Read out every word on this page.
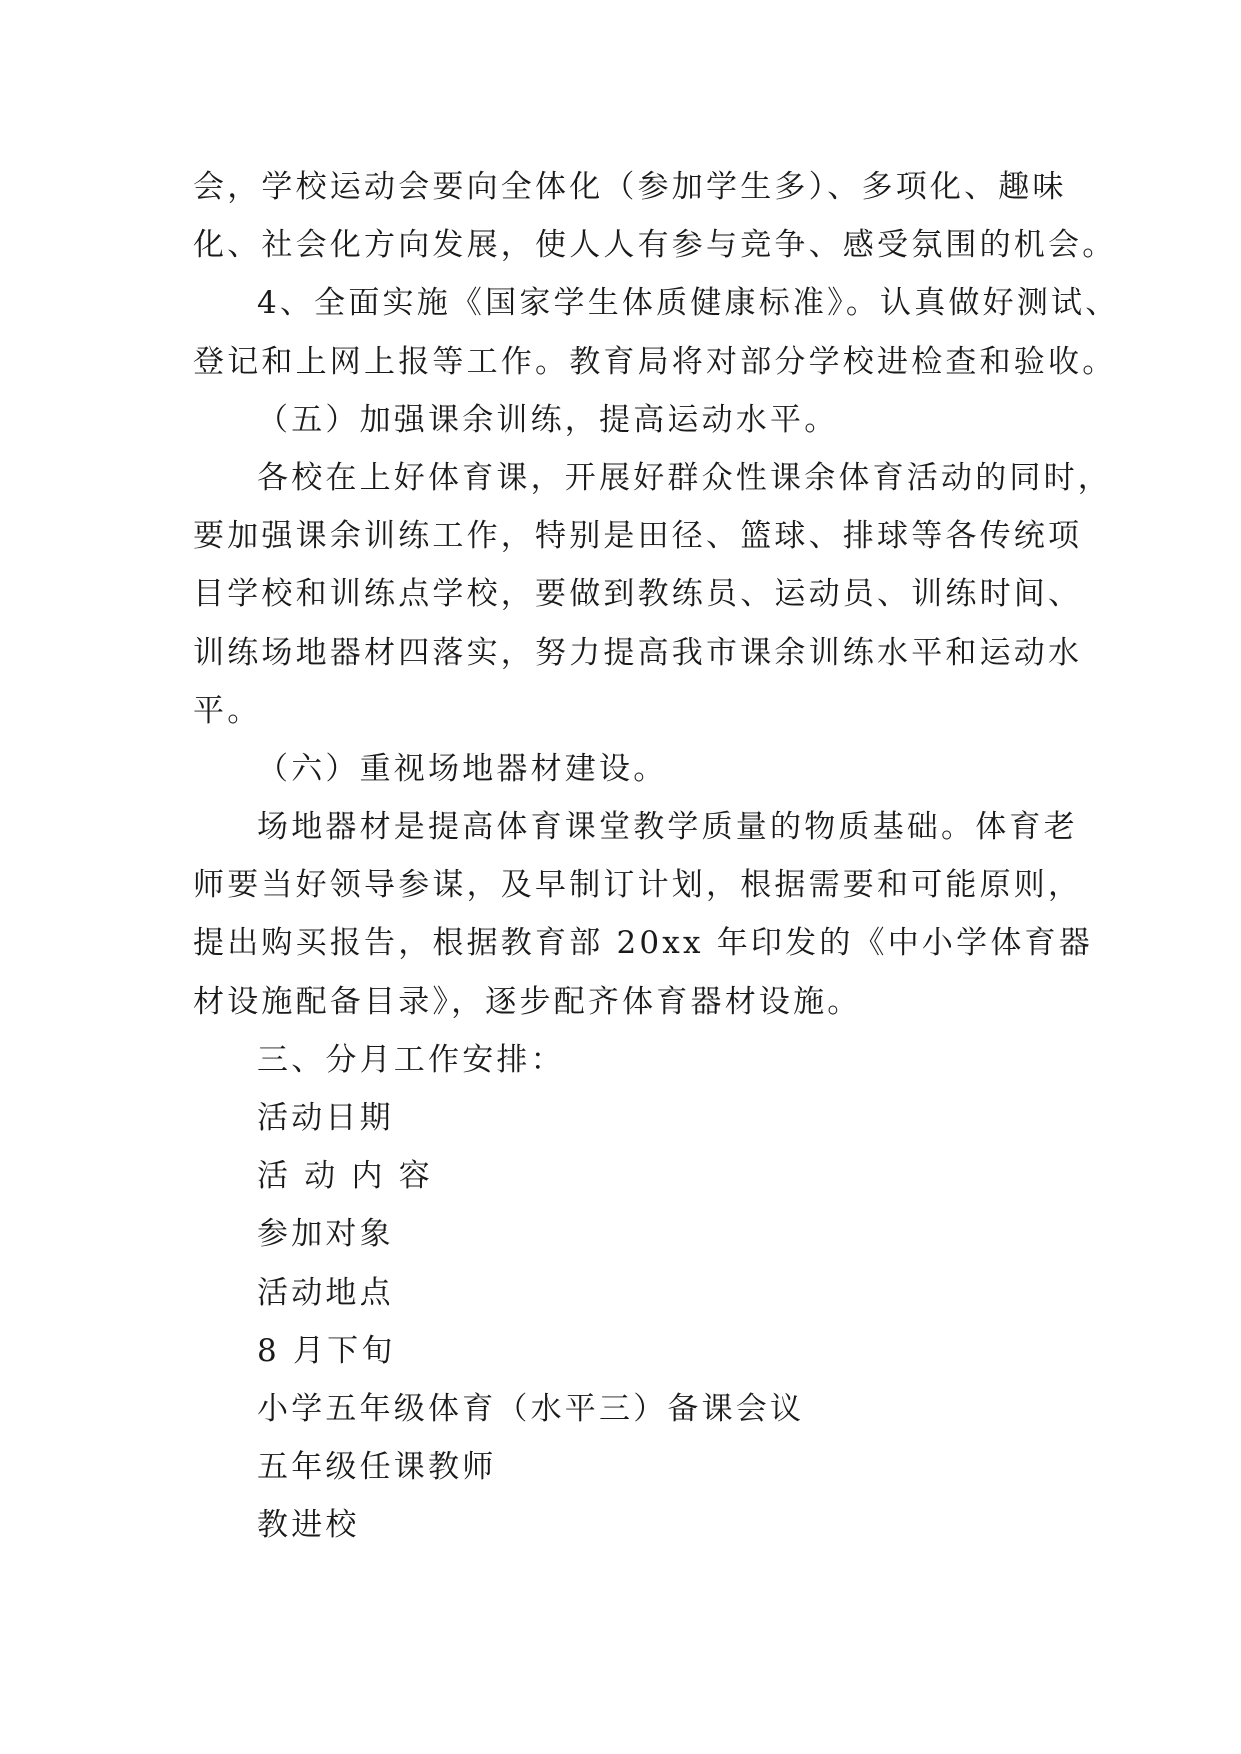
会，学校运动会要向全体化（参加学生多）、多项化、趣味
化、社会化方向发展，使人人有参与竞争、感受氛围的机会。
4、全面实施《国家学生体质健康标准》。认真做好测试、
登记和上网上报等工作。教育局将对部分学校进检查和验收。
（五）加强课余训练，提高运动水平。
各校在上好体育课，开展好群众性课余体育活动的同时，
要加强课余训练工作，特别是田径、篮球、排球等各传统项
目学校和训练点学校，要做到教练员、运动员、训练时间、
训练场地器材四落实，努力提高我市课余训练水平和运动水
平。
（六）重视场地器材建设。
场地器材是提高体育课堂教学质量的物质基础。体育老
师要当好领导参谋，及早制订计划，根据需要和可能原则，
提出购买报告，根据教育部 20xx 年印发的《中小学体育器
材设施配备目录》，逐步配齐体育器材设施。
三、分月工作安排：
活动日期
活 动 内 容
参加对象
活动地点
8 月下旬
小学五年级体育（水平三）备课会议
五年级任课教师
教进校
